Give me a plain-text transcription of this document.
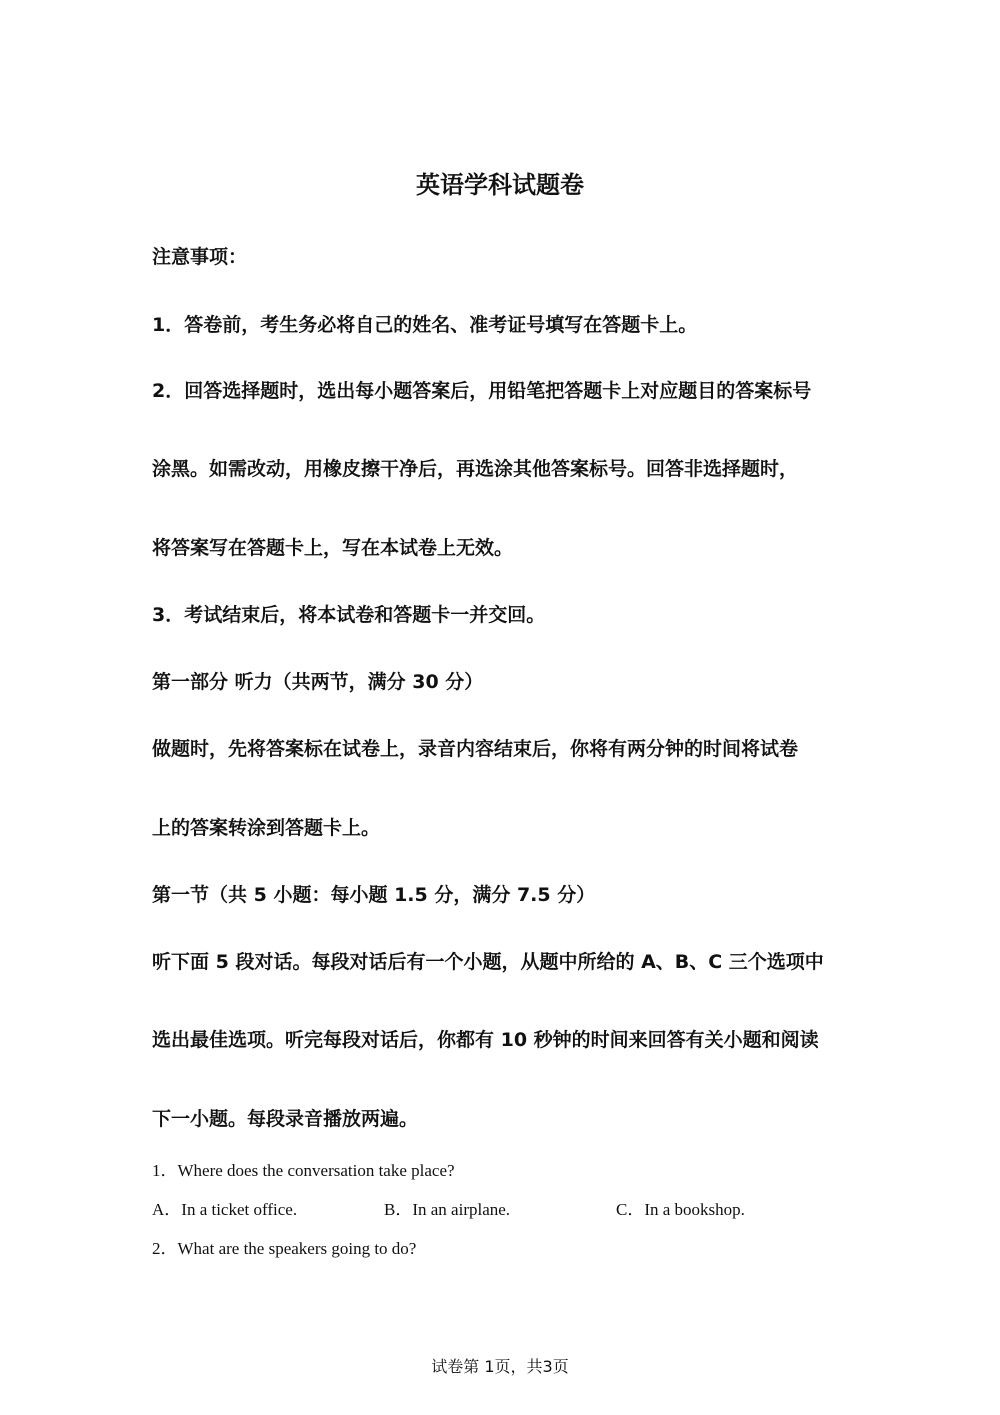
英语学科试题卷
注意事项：
1．答卷前，考生务必将自己的姓名、准考证号填写在答题卡上。
2．回答选择题时，选出每小题答案后，用铅笔把答题卡上对应题目的答案标号
涂黑。如需改动，用橡皮擦干净后，再选涂其他答案标号。回答非选择题时，
将答案写在答题卡上，写在本试卷上无效。
3．考试结束后，将本试卷和答题卡一并交回。
第一部分 听力（共两节，满分 30 分）
做题时，先将答案标在试卷上，录音内容结束后，你将有两分钟的时间将试卷
上的答案转涂到答题卡上。
第一节（共 5 小题：每小题 1.5 分，满分 7.5 分）
听下面 5 段对话。每段对话后有一个小题，从题中所给的 A、B、C 三个选项中
选出最佳选项。听完每段对话后，你都有 10 秒钟的时间来回答有关小题和阅读
下一小题。每段录音播放两遍。
1．Where does the conversation take place?
A．In a ticket office.	B．In an airplane.	C．In a bookshop.
2．What are the speakers going to do?
试卷第 1页，共3页
